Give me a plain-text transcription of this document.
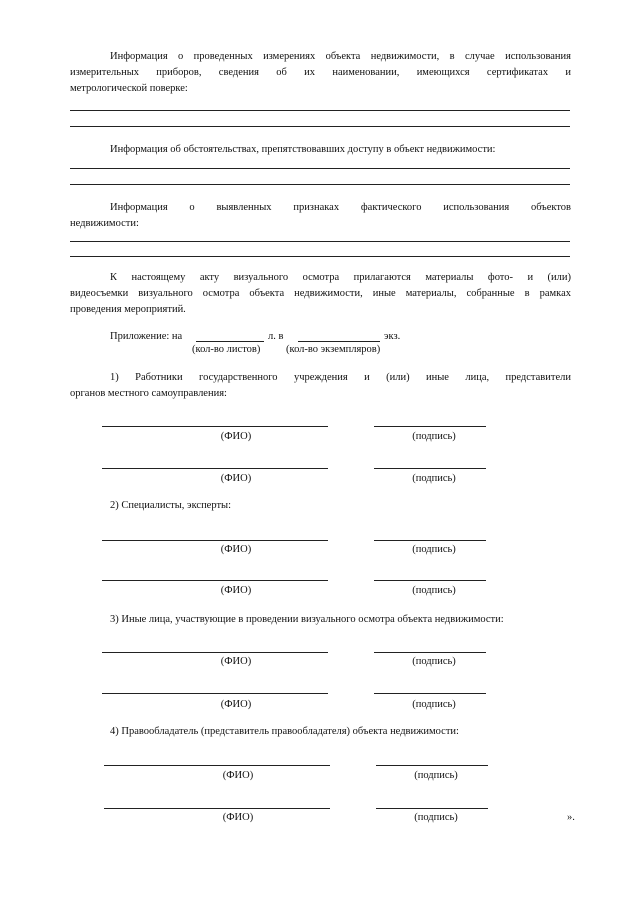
Информация о проведенных измерениях объекта недвижимости, в случае использования
измерительных приборов, сведения об их наименовании, имеющихся сертификатах и
метрологической поверке:
Информация об обстоятельствах, препятствовавших доступу в объект недвижимости:
Информация о выявленных признаках фактического использования объектов
недвижимости:
К настоящему акту визуального осмотра прилагаются материалы фото- и (или)
видеосъемки визуального осмотра объекта недвижимости, иные материалы, собранные в рамках
проведения мероприятий.
Приложение: на	л. в	экз.
(кол-во листов) (кол-во экземпляров)
1) Работники государственного учреждения и (или) иные лица, представители
органов местного самоуправления:
(ФИО)	(подпись)
(ФИО)	(подпись)
2) Специалисты, эксперты:
(ФИО)	(подпись)
(ФИО)	(подпись)
3) Иные лица, участвующие в проведении визуального осмотра объекта недвижимости:
(ФИО)	(подпись)
(ФИО)	(подпись)
4) Правообладатель (представитель правообладателя) объекта недвижимости:
(ФИО)	(подпись)
(ФИО)	(подпись)	».
